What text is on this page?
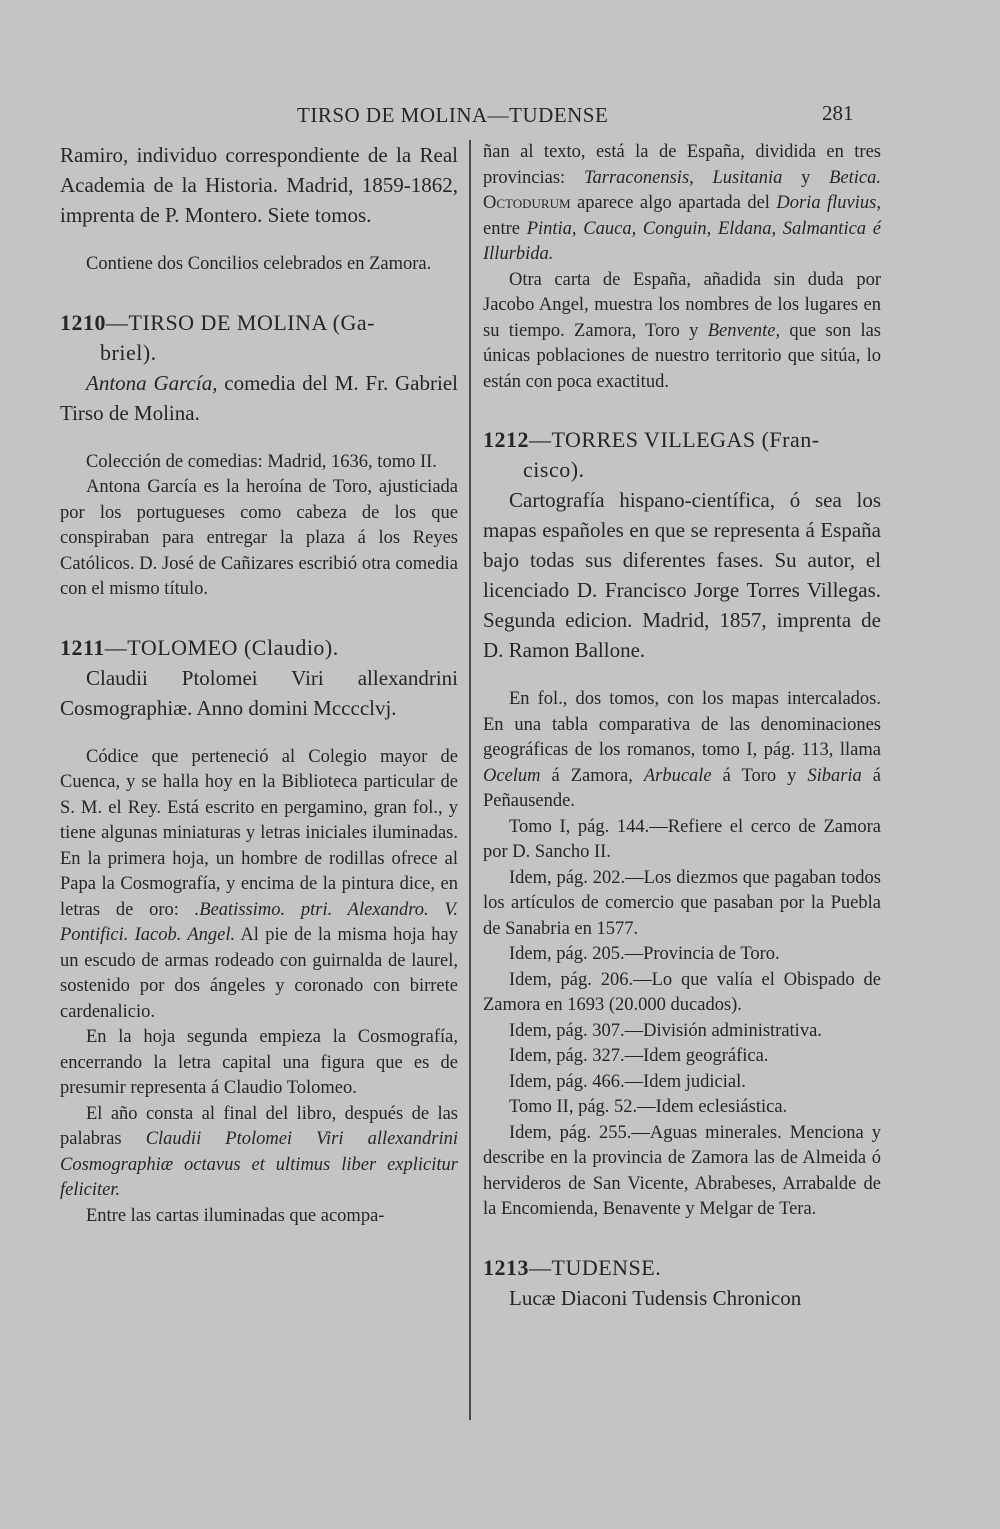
TIRSO DE MOLINA—TUDENSE	281

Ramiro, individuo correspondiente de la Real Academia de la Historia. Madrid, 1859-1862, imprenta de P. Montero. Siete tomos.

Contiene dos Concilios celebrados en Zamora.

1210—TIRSO DE MOLINA (Ga-
briel).

Antona García, comedia del M. Fr. Gabriel Tirso de Molina.

Colección de comedias: Madrid, 1636, tomo II.

Antona García es la heroína de Toro, ajusticiada por los portugueses como cabeza de los que conspiraban para entregar la plaza á los Reyes Católicos. D. José de Cañizares escribió otra comedia con el mismo título.

1211—TOLOMEO (Claudio).

Claudii Ptolomei Viri allexandrini Cosmographiæ. Anno domini Mcccclvj.

Códice que perteneció al Colegio mayor de Cuenca, y se halla hoy en la Biblioteca particular de S. M. el Rey. Está escrito en pergamino, gran fol., y tiene algunas miniaturas y letras iniciales iluminadas. En la primera hoja, un hombre de rodillas ofrece al Papa la Cosmografía, y encima de la pintura dice, en letras de oro: .Beatissimo. ptri. Alexandro. V. Pontifici. Iacob. Angel. Al pie de la misma hoja hay un escudo de armas rodeado con guirnalda de laurel, sostenido por dos ángeles y coronado con birrete cardenalicio.

En la hoja segunda empieza la Cosmografía, encerrando la letra capital una figura que es de presumir representa á Claudio Tolomeo.

El año consta al final del libro, después de las palabras Claudii Ptolomei Viri allexandrini Cosmographiæ octavus et ultimus liber explicitur feliciter.

Entre las cartas iluminadas que acompa-

ñan al texto, está la de España, dividida en tres provincias: Tarraconensis, Lusitania y Betica. Octodurum aparece algo apartada del Doria fluvius, entre Pintia, Cauca, Conguin, Eldana, Salmantica é Illurbida.

Otra carta de España, añadida sin duda por Jacobo Angel, muestra los nombres de los lugares en su tiempo. Zamora, Toro y Benvente, que son las únicas poblaciones de nuestro territorio que sitúa, lo están con poca exactitud.

1212—TORRES VILLEGAS (Fran-
cisco).

Cartografía hispano-científica, ó sea los mapas españoles en que se representa á España bajo todas sus diferentes fases. Su autor, el licenciado D. Francisco Jorge Torres Villegas. Segunda edicion. Madrid, 1857, imprenta de D. Ramon Ballone.

En fol., dos tomos, con los mapas intercalados. En una tabla comparativa de las denominaciones geográficas de los romanos, tomo I, pág. 113, llama Ocelum á Zamora, Arbucale á Toro y Sibaria á Peñausende.

Tomo I, pág. 144.—Refiere el cerco de Zamora por D. Sancho II.

Idem, pág. 202.—Los diezmos que pagaban todos los artículos de comercio que pasaban por la Puebla de Sanabria en 1577.

Idem, pág. 205.—Provincia de Toro.

Idem, pág. 206.—Lo que valía el Obispado de Zamora en 1693 (20.000 ducados).

Idem, pág. 307.—División administrativa.

Idem, pág. 327.—Idem geográfica.

Idem, pág. 466.—Idem judicial.

Tomo II, pág. 52.—Idem eclesiástica.

Idem, pág. 255.—Aguas minerales. Menciona y describe en la provincia de Zamora las de Almeida ó hervideros de San Vicente, Abrabeses, Arrabalde de la Encomienda, Benavente y Melgar de Tera.

1213—TUDENSE.

Lucæ Diaconi Tudensis Chronicon
